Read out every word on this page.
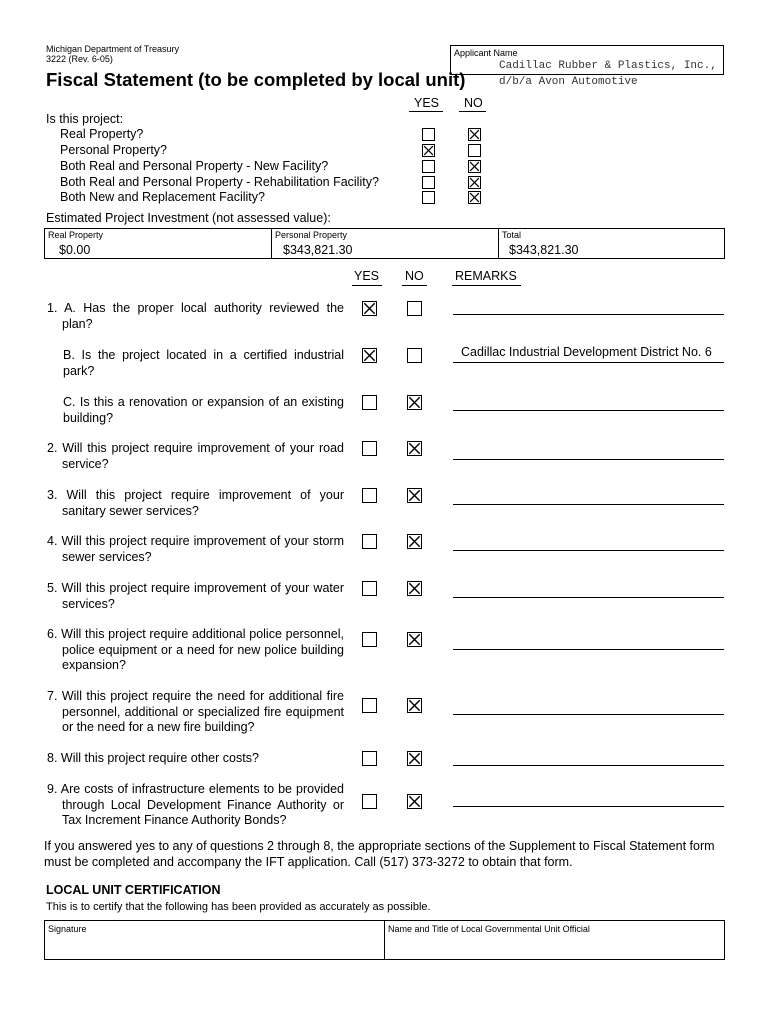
Michigan Department of Treasury
3222 (Rev. 6-05)
Fiscal Statement (to be completed by local unit)
Applicant Name
Cadillac Rubber & Plastics, Inc.,
d/b/a Avon Automotive
YES NO
Is this project:
Real Property?
Personal Property?
Both Real and Personal Property - New Facility?
Both Real and Personal Property - Rehabilitation Facility?
Both New and Replacement Facility?
Estimated Project Investment (not assessed value):
Real Property
$0.00
Personal Property
$343,821.30
Total
$343,821.30
YES NO	REMARKS
1. A. Has the proper local authority reviewed the plan?
B. Is the project located in a certified industrial park?
Cadillac Industrial Development District No. 6
C. Is this a renovation or expansion of an existing building?
2. Will this project require improvement of your road service?
3. Will this project require improvement of your sanitary sewer services?
4. Will this project require improvement of your storm sewer services?
5. Will this project require improvement of your water services?
6. Will this project require additional police personnel, police equipment or a need for new police building expansion?
7. Will this project require the need for additional fire personnel, additional or specialized fire equipment or the need for a new fire building?
8. Will this project require other costs?
9. Are costs of infrastructure elements to be provided through Local Development Finance Authority or Tax Increment Finance Authority Bonds?
If you answered yes to any of questions 2 through 8, the appropriate sections of the Supplement to Fiscal Statement form must be completed and accompany the IFT application. Call (517) 373-3272 to obtain that form.
LOCAL UNIT CERTIFICATION
This is to certify that the following has been provided as accurately as possible.
Signature	Name and Title of Local Governmental Unit Official
